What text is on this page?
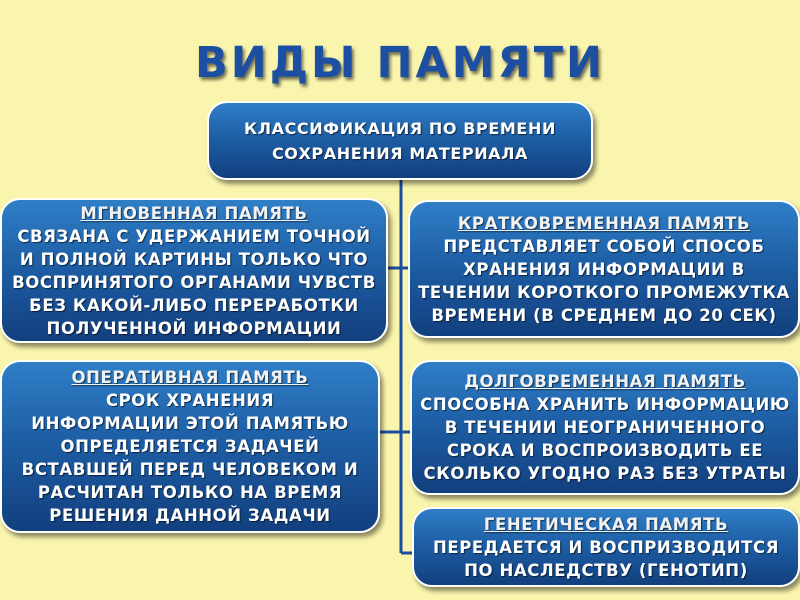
ВИДЫ ПАМЯТИ
КЛАССИФИКАЦИЯ ПО ВРЕМЕНИ
СОХРАНЕНИЯ МАТЕРИАЛА
МГНОВЕННАЯ ПАМЯТЬ
СВЯЗАНА С УДЕРЖАНИЕМ ТОЧНОЙ
И ПОЛНОЙ КАРТИНЫ ТОЛЬКО ЧТО
ВОСПРИНЯТОГО ОРГАНАМИ ЧУВСТВ
БЕЗ КАКОЙ-ЛИБО ПЕРЕРАБОТКИ
ПОЛУЧЕННОЙ ИНФОРМАЦИИ
КРАТКОВРЕМЕННАЯ ПАМЯТЬ
ПРЕДСТАВЛЯЕТ СОБОЙ СПОСОБ
ХРАНЕНИЯ ИНФОРМАЦИИ В
ТЕЧЕНИИ КОРОТКОГО ПРОМЕЖУТКА
ВРЕМЕНИ (В СРЕДНЕМ ДО 20 СЕК)
ОПЕРАТИВНАЯ ПАМЯТЬ
СРОК ХРАНЕНИЯ
ИНФОРМАЦИИ ЭТОЙ ПАМЯТЬЮ
ОПРЕДЕЛЯЕТСЯ ЗАДАЧЕЙ
ВСТАВШЕЙ ПЕРЕД ЧЕЛОВЕКОМ И
РАСЧИТАН ТОЛЬКО НА ВРЕМЯ
РЕШЕНИЯ ДАННОЙ ЗАДАЧИ
ДОЛГОВРЕМЕННАЯ ПАМЯТЬ
СПОСОБНА ХРАНИТЬ ИНФОРМАЦИЮ
В ТЕЧЕНИИ НЕОГРАНИЧЕННОГО
СРОКА И ВОСПРОИЗВОДИТЬ ЕЕ
СКОЛЬКО УГОДНО РАЗ БЕЗ УТРАТЫ
ГЕНЕТИЧЕСКАЯ ПАМЯТЬ
ПЕРЕДАЕТСЯ И ВОСПРИЗВОДИТСЯ
ПО НАСЛЕДСТВУ (ГЕНОТИП)
